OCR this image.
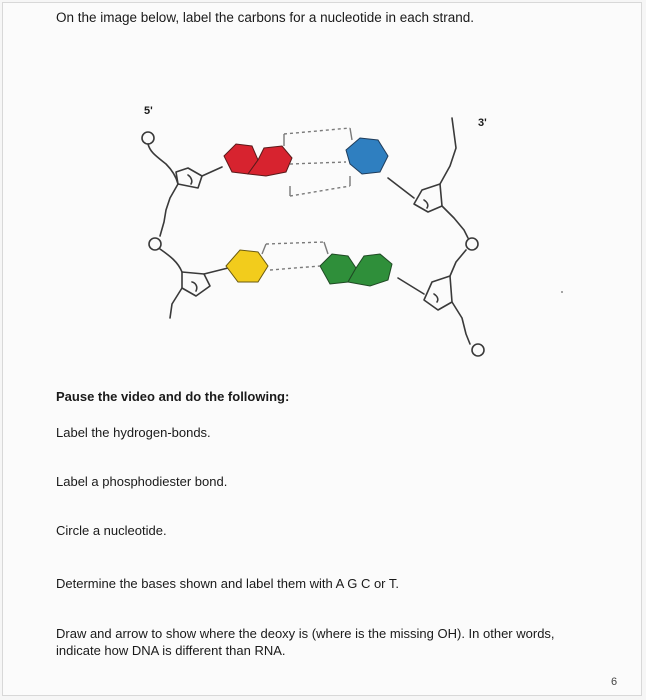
On the image below, label the carbons for a nucleotide in each strand.
5'
3'
Pause the video and do the following:
Label the hydrogen-bonds.
Label a phosphodiester bond.
Circle a nucleotide.
Determine the bases shown and label them with A G C or T.
Draw and arrow to show where the deoxy is (where is the missing OH). In other words, indicate how DNA is different than RNA.
6
